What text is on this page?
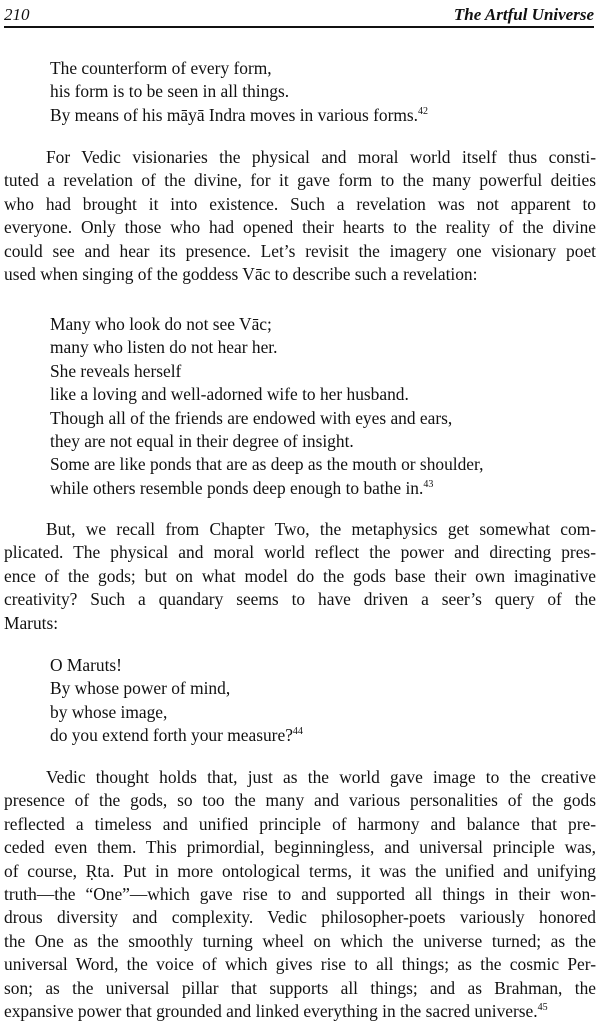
210	The Artful Universe
The counterform of every form,
his form is to be seen in all things.
By means of his māyā Indra moves in various forms.$^{42}$
For Vedic visionaries the physical and moral world itself thus consti-
tuted a revelation of the divine, for it gave form to the many powerful deities
who had brought it into existence. Such a revelation was not apparent to
everyone. Only those who had opened their hearts to the reality of the divine
could see and hear its presence. Let’s revisit the imagery one visionary poet
used when singing of the goddess Vāc to describe such a revelation:
Many who look do not see Vāc;
many who listen do not hear her.
She reveals herself
like a loving and well-adorned wife to her husband.
Though all of the friends are endowed with eyes and ears,
they are not equal in their degree of insight.
Some are like ponds that are as deep as the mouth or shoulder,
while others resemble ponds deep enough to bathe in.$^{43}$
But, we recall from Chapter Two, the metaphysics get somewhat com-
plicated. The physical and moral world reflect the power and directing pres-
ence of the gods; but on what model do the gods base their own imaginative
creativity? Such a quandary seems to have driven a seer’s query of the
Maruts:
O Maruts!
By whose power of mind,
by whose image,
do you extend forth your measure?$^{44}$
Vedic thought holds that, just as the world gave image to the creative
presence of the gods, so too the many and various personalities of the gods
reflected a timeless and unified principle of harmony and balance that pre-
ceded even them. This primordial, beginningless, and universal principle was,
of course, Ṛta. Put in more ontological terms, it was the unified and unifying
truth—the “One”—which gave rise to and supported all things in their won-
drous diversity and complexity. Vedic philosopher-poets variously honored
the One as the smoothly turning wheel on which the universe turned; as the
universal Word, the voice of which gives rise to all things; as the cosmic Per-
son; as the universal pillar that supports all things; and as Brahman, the
expansive power that grounded and linked everything in the sacred universe.$^{45}$
